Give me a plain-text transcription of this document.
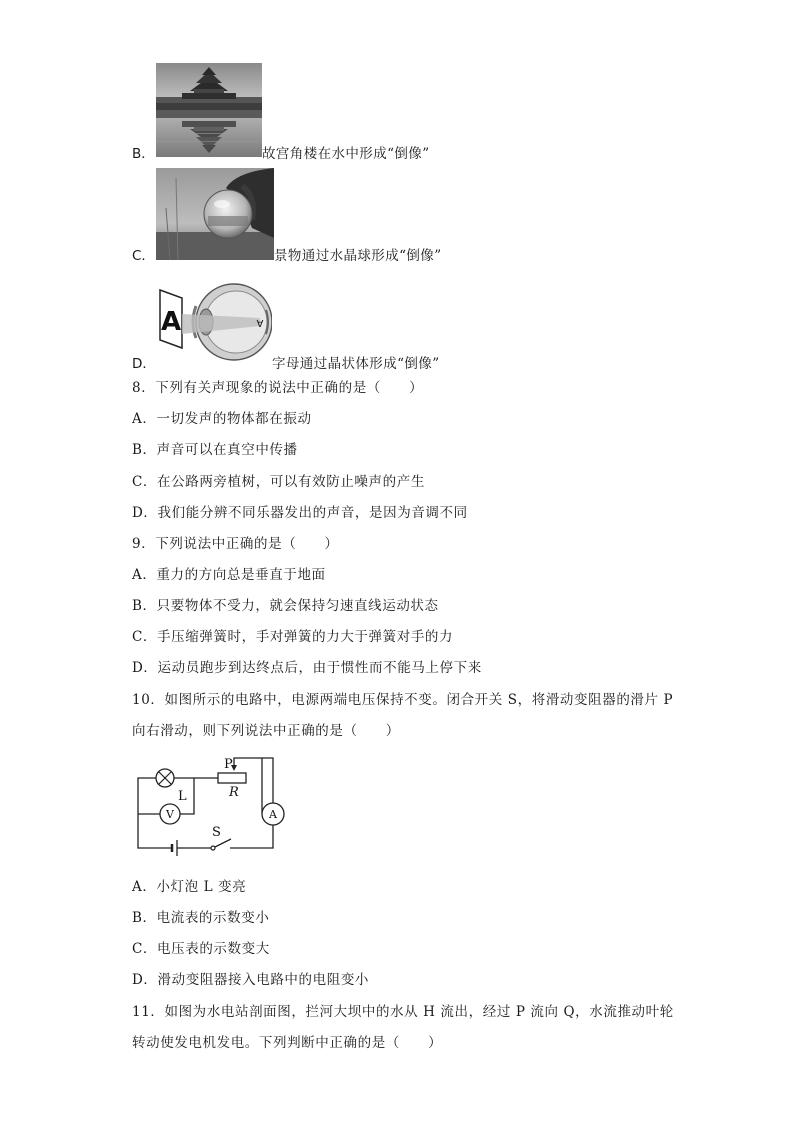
B．	故宫角楼在水中形成“倒像”
C．	景物通过水晶球形成“倒像”
D．
A	A
字母通过晶状体形成“倒像”
8．下列有关声现象的说法中正确的是（　　）
A．一切发声的物体都在振动
B．声音可以在真空中传播
C．在公路两旁植树，可以有效防止噪声的产生
D．我们能分辨不同乐器发出的声音，是因为音调不同
9．下列说法中正确的是（　　）
A．重力的方向总是垂直于地面
B．只要物体不受力，就会保持匀速直线运动状态
C．手压缩弹簧时，手对弹簧的力大于弹簧对手的力
D．运动员跑步到达终点后，由于惯性而不能马上停下来
10．如图所示的电路中，电源两端电压保持不变。闭合开关 S，将滑动变阻器的滑片 P
向右滑动，则下列说法中正确的是（　　）
P
R
L
V	A
S
A．小灯泡 L 变亮
B．电流表的示数变小
C．电压表的示数变大
D．滑动变阻器接入电路中的电阻变小
11．如图为水电站剖面图，拦河大坝中的水从 H 流出，经过 P 流向 Q，水流推动叶轮
转动使发电机发电。下列判断中正确的是（　　）
